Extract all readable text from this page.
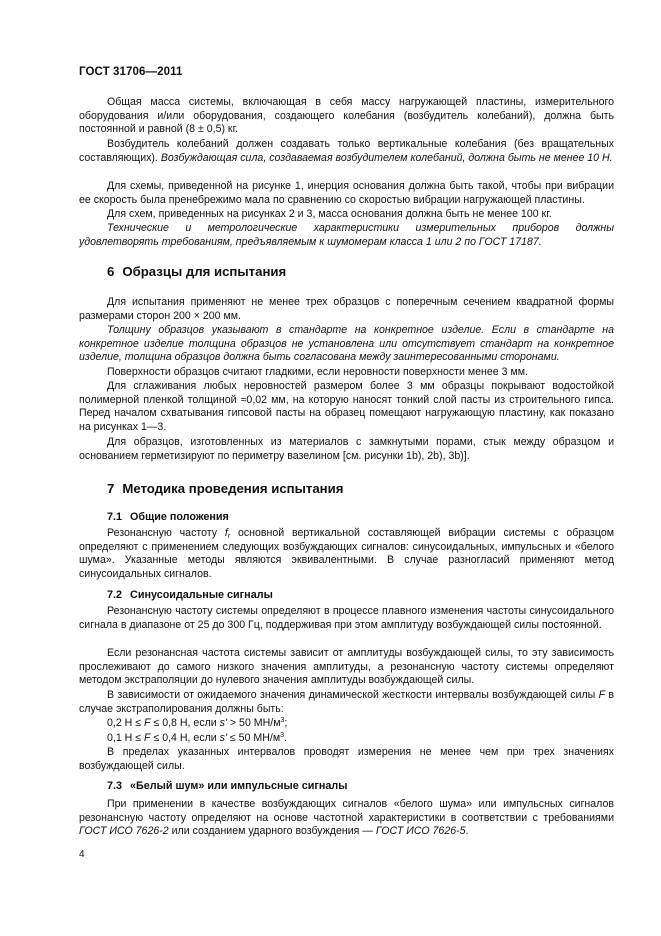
ГОСТ 31706—2011
Общая масса системы, включающая в себя массу нагружающей пластины, измерительного оборудования и/или оборудования, создающего колебания (возбудитель колебаний), должна быть постоянной и равной (8 ± 0,5) кг.
Возбудитель колебаний должен создавать только вертикальные колебания (без вращательных составляющих). Возбуждающая сила, создаваемая возбудителем колебаний, должна быть не менее 10 Н.
Для схемы, приведенной на рисунке 1, инерция основания должна быть такой, чтобы при вибрации ее скорость была пренебрежимо мала по сравнению со скоростью вибрации нагружающей пластины.
Для схем, приведенных на рисунках 2 и 3, масса основания должна быть не менее 100 кг.
Технические и метрологические характеристики измерительных приборов должны удовлетворять требованиям, предъявляемым к шумомерам класса 1 или 2 по ГОСТ 17187.
6 Образцы для испытания
Для испытания применяют не менее трех образцов с поперечным сечением квадратной формы размерами сторон 200 × 200 мм.
Толщину образцов указывают в стандарте на конкретное изделие. Если в стандарте на конкретное изделие толщина образцов не установлена или отсутствует стандарт на конкретное изделие, толщина образцов должна быть согласована между заинтересованными сторонами.
Поверхности образцов считают гладкими, если неровности поверхности менее 3 мм.
Для сглаживания любых неровностей размером более 3 мм образцы покрывают водостойкой полимерной пленкой толщиной ≈0,02 мм, на которую наносят тонкий слой пасты из строительного гипса. Перед началом схватывания гипсовой пасты на образец помещают нагружающую пластину, как показано на рисунках 1—3.
Для образцов, изготовленных из материалов с замкнутыми порами, стык между образцом и основанием герметизируют по периметру вазелином [см. рисунки 1b), 2b), 3b)].
7 Методика проведения испытания
7.1 Общие положения
Резонансную частоту $f_r$ основной вертикальной составляющей вибрации системы с образцом определяют с применением следующих возбуждающих сигналов: синусоидальных, импульсных и «белого шума». Указанные методы являются эквивалентными. В случае разногласий применяют метод синусоидальных сигналов.
7.2 Синусоидальные сигналы
Резонансную частоту системы определяют в процессе плавного изменения частоты синусоидального сигнала в диапазоне от 25 до 300 Гц, поддерживая при этом амплитуду возбуждающей силы постоянной.
Если резонансная частота системы зависит от амплитуды возбуждающей силы, то эту зависимость прослеживают до самого низкого значения амплитуды, а резонансную частоту системы определяют методом экстраполяции до нулевого значения амплитуды возбуждающей силы.
В зависимости от ожидаемого значения динамической жесткости интервалы возбуждающей силы F в случае экстраполирования должны быть:
0,2 Н ≤ F ≤ 0,8 Н, если s' > 50 $МН/м^3$;
0,1 Н ≤ F ≤ 0,4 Н, если s' ≤ 50 $МН/м^3$.
В пределах указанных интервалов проводят измерения не менее чем при трех значениях возбуждающей силы.
7.3 «Белый шум» или импульсные сигналы
При применении в качестве возбуждающих сигналов «белого шума» или импульсных сигналов резонансную частоту определяют на основе частотной характеристики в соответствии с требованиями ГОСТ ИСО 7626-2 или созданием ударного возбуждения — ГОСТ ИСО 7626-5.
4
